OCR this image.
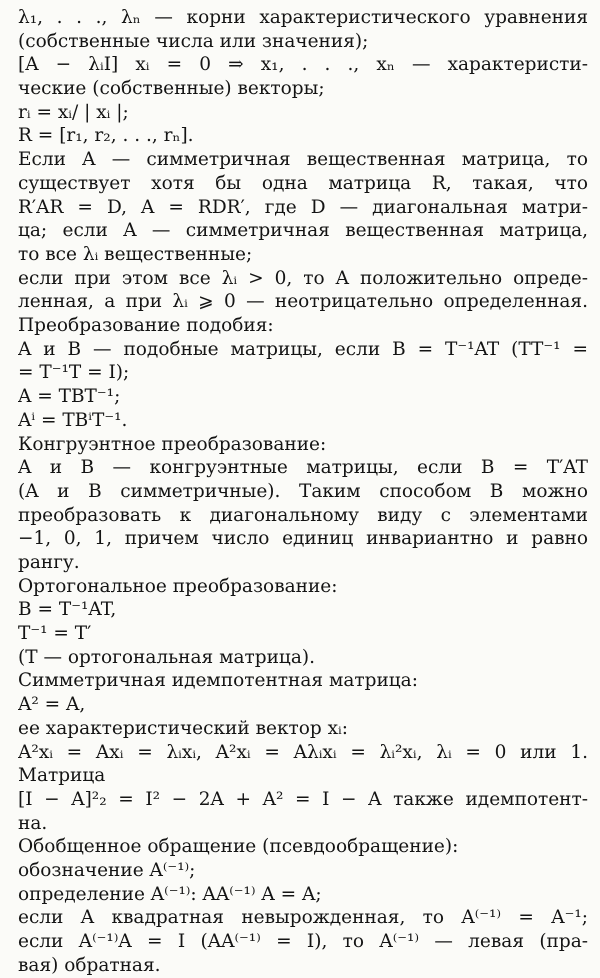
λ₁, . . ., λₙ — корни характеристического уравнения
(собственные числа или значения);
[A − λᵢI] xᵢ = 0 ⇒ x₁, . . ., xₙ — характеристи-
ческие (собственные) векторы;
rᵢ = xᵢ/ | xᵢ |;
R = [r₁, r₂, . . ., rₙ].
Если A — симметричная вещественная матрица, то
существует хотя бы одна матрица R, такая, что
R′AR = D, A = RDR′, где D — диагональная матри-
ца; если A — симметричная вещественная матрица,
то все λᵢ вещественные;
если при этом все λᵢ > 0, то A положительно опреде-
ленная, а при λᵢ ⩾ 0 — неотрицательно определенная.
Преобразование подобия:
A и B — подобные матрицы, если B = T⁻¹AT (TT⁻¹ =
= T⁻¹T = I);
A = TBT⁻¹;
Aⁱ = TBⁱT⁻¹.
Конгруэнтное преобразование:
A и B — конгруэнтные матрицы, если B = T′AT
(A и B симметричные). Таким способом B можно
преобразовать к диагональному виду с элементами
−1, 0, 1, причем число единиц инвариантно и равно
рангу.
Ортогональное преобразование:
B = T⁻¹AT,
T⁻¹ = T′
(T — ортогональная матрица).
Симметричная идемпотентная матрица:
A² = A,
ее характеристический вектор xᵢ:
A²xᵢ = Axᵢ = λᵢxᵢ, A²xᵢ = Aλᵢxᵢ = λᵢ²xᵢ, λᵢ = 0 или 1.
Матрица
[I − A]²₂ = I² − 2A + A² = I − A также идемпотент-
на.
Обобщенное обращение (псевдообращение):
обозначение A⁽⁻¹⁾;
определение A⁽⁻¹⁾: AA⁽⁻¹⁾ A = A;
если A квадратная невырожденная, то A⁽⁻¹⁾ = A⁻¹;
если A⁽⁻¹⁾A = I (AA⁽⁻¹⁾ = I), то A⁽⁻¹⁾ — левая (пра-
вая) обратная.
